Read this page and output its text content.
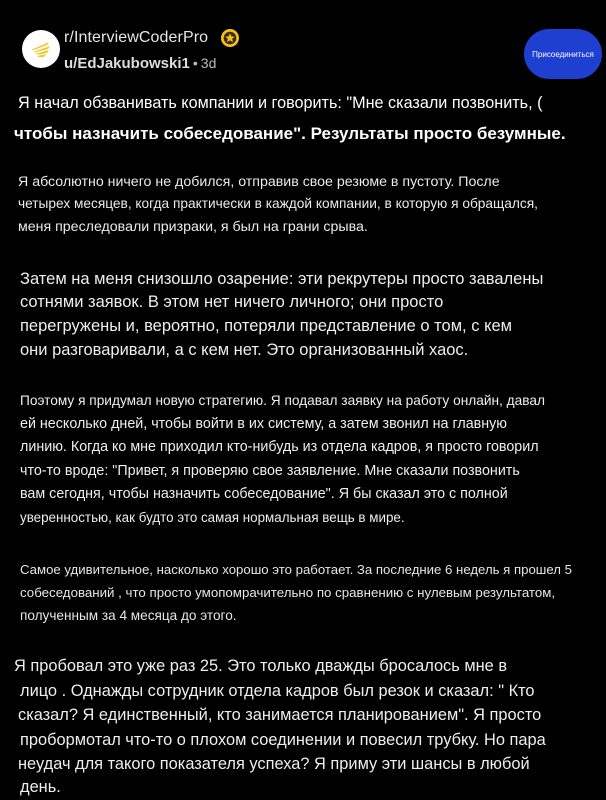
r/InterviewCoderPro
u/EdJakubowski1 • 3d
Присоединиться
Я начал обзванивать компании и говорить: "Мне сказали позвонить, (
чтобы назначить собеседование". Результаты просто безумные.
Я абсолютно ничего не добился, отправив свое резюме в пустоту. После
четырех месяцев, когда практически в каждой компании, в которую я обращался,
меня преследовали призраки, я был на грани срыва.
Затем на меня снизошло озарение: эти рекрутеры просто завалены
сотнями заявок. В этом нет ничего личного; они просто
перегружены и, вероятно, потеряли представление о том, с кем
они разговаривали, а с кем нет. Это организованный хаос.
Поэтому я придумал новую стратегию. Я подавал заявку на работу онлайн, давал
ей несколько дней, чтобы войти в их систему, а затем звонил на главную
линию. Когда ко мне приходил кто-нибудь из отдела кадров, я просто говорил
что-то вроде: "Привет, я проверяю свое заявление. Мне сказали позвонить
вам сегодня, чтобы назначить собеседование". Я бы сказал это с полной
уверенностью, как будто это самая нормальная вещь в мире.
Самое удивительное, насколько хорошо это работает. За последние 6 недель я прошел 5
собеседований , что просто умопомрачительно по сравнению с нулевым результатом,
полученным за 4 месяца до этого.
Я пробовал это уже раз 25. Это только дважды бросалось мне в
лицо . Однажды сотрудник отдела кадров был резок и сказал: " Кто
сказал? Я единственный, кто занимается планированием". Я просто
пробормотал что-то о плохом соединении и повесил трубку. Но пара
неудач для такого показателя успеха? Я приму эти шансы в любой
день.
